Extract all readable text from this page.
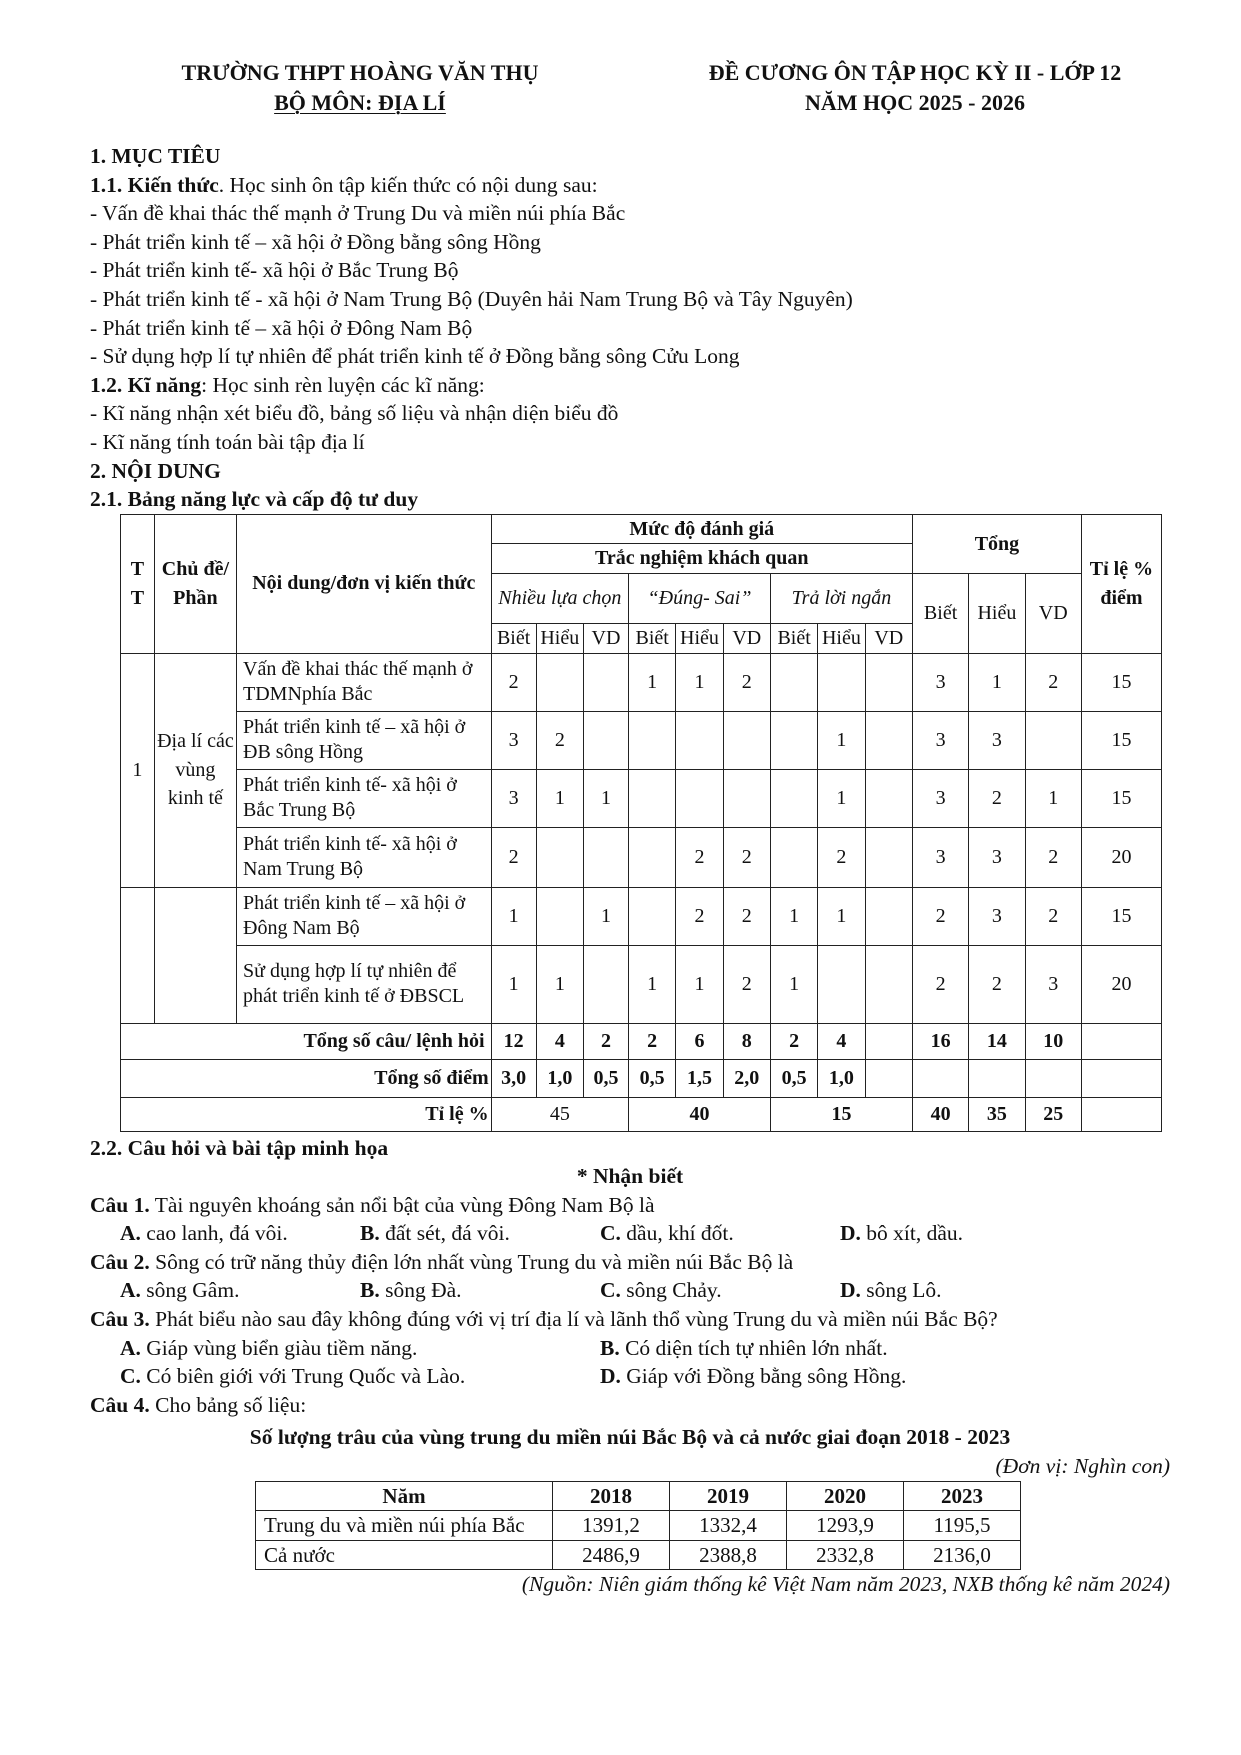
TRƯỜNG THPT HOÀNG VĂN THỤ
BỘ MÔN: ĐỊA LÍ
ĐỀ CƯƠNG ÔN TẬP HỌC KỲ II - LỚP 12
NĂM HỌC 2025 - 2026

1. MỤC TIÊU

1.1. Kiến thức. Học sinh ôn tập kiến thức có nội dung sau:

- Vấn đề khai thác thế mạnh ở Trung Du và miền núi phía Bắc

- Phát triển kinh tế – xã hội ở Đồng bằng sông Hồng

- Phát triển kinh tế- xã hội ở Bắc Trung Bộ

- Phát triển kinh tế - xã hội ở Nam Trung Bộ (Duyên hải Nam Trung Bộ và Tây Nguyên)

- Phát triển kinh tế – xã hội ở Đông Nam Bộ

- Sử dụng hợp lí tự nhiên để phát triển kinh tế ở Đồng bằng sông Cửu Long

1.2. Kĩ năng: Học sinh rèn luyện các kĩ năng:

- Kĩ năng nhận xét biểu đồ, bảng số liệu và nhận diện biểu đồ

- Kĩ năng tính toán bài tập địa lí

2. NỘI DUNG

2.1. Bảng năng lực và cấp độ tư duy

T T	Chủ đề/ Phần	Nội dung/đơn vị kiến thức	Mức độ đánh giá									Tổng			Tỉ lệ % điểm
			Trắc nghiệm khách quan												
			Nhiều lựa chọn			“Đúng- Sai”			Trả lời ngắn			Biết	Hiểu	VD	
			Biết	Hiểu	VD	Biết	Hiểu	VD	Biết	Hiểu	VD				
1	Địa lí các vùng kinh tế	Vấn đề khai thác thế mạnh ở TDMNphía Bắc	2			1	1	2				3	1	2	15
		Phát triển kinh tế – xã hội ở ĐB sông Hồng	3	2						1		3	3		15
		Phát triển kinh tế- xã hội ở Bắc Trung Bộ	3	1	1					1		3	2	1	15
		Phát triển kinh tế- xã hội ở Nam Trung Bộ	2				2	2		2		3	3	2	20
		Phát triển kinh tế – xã hội ở Đông Nam Bộ	1		1		2	2	1	1		2	3	2	15
		Sử dụng hợp lí tự nhiên để phát triển kinh tế ở ĐBSCL	1	1		1	1	2	1			2	2	3	20
Tổng số câu/ lệnh hỏi			12	4	2	2	6	8	2	4		16	14	10	
Tổng số điểm			3,0	1,0	0,5	0,5	1,5	2,0	0,5	1,0					
Tỉ lệ %			45			40			15			40	35	25	

2.2. Câu hỏi và bài tập minh họa

* Nhận biết

Câu 1. Tài nguyên khoáng sản nổi bật của vùng Đông Nam Bộ là

A. cao lanh, đá vôi.	B. đất sét, đá vôi.	C. dầu, khí đốt.	D. bô xít, dầu.

Câu 2. Sông có trữ năng thủy điện lớn nhất vùng Trung du và miền núi Bắc Bộ là

A. sông Gâm.	B. sông Đà.	C. sông Chảy.	D. sông Lô.

Câu 3. Phát biểu nào sau đây không đúng với vị trí địa lí và lãnh thổ vùng Trung du và miền núi Bắc Bộ?

A. Giáp vùng biển giàu tiềm năng.	B. Có diện tích tự nhiên lớn nhất.
C. Có biên giới với Trung Quốc và Lào.	D. Giáp với Đồng bằng sông Hồng.

Câu 4. Cho bảng số liệu:

Số lượng trâu của vùng trung du miền núi Bắc Bộ và cả nước giai đoạn 2018 - 2023

(Đơn vị: Nghìn con)

Năm	2018	2019	2020	2023
Trung du và miền núi phía Bắc	1391,2	1332,4	1293,9	1195,5
Cả nước	2486,9	2388,8	2332,8	2136,0

(Nguồn: Niên giám thống kê Việt Nam năm 2023, NXB thống kê năm 2024)
